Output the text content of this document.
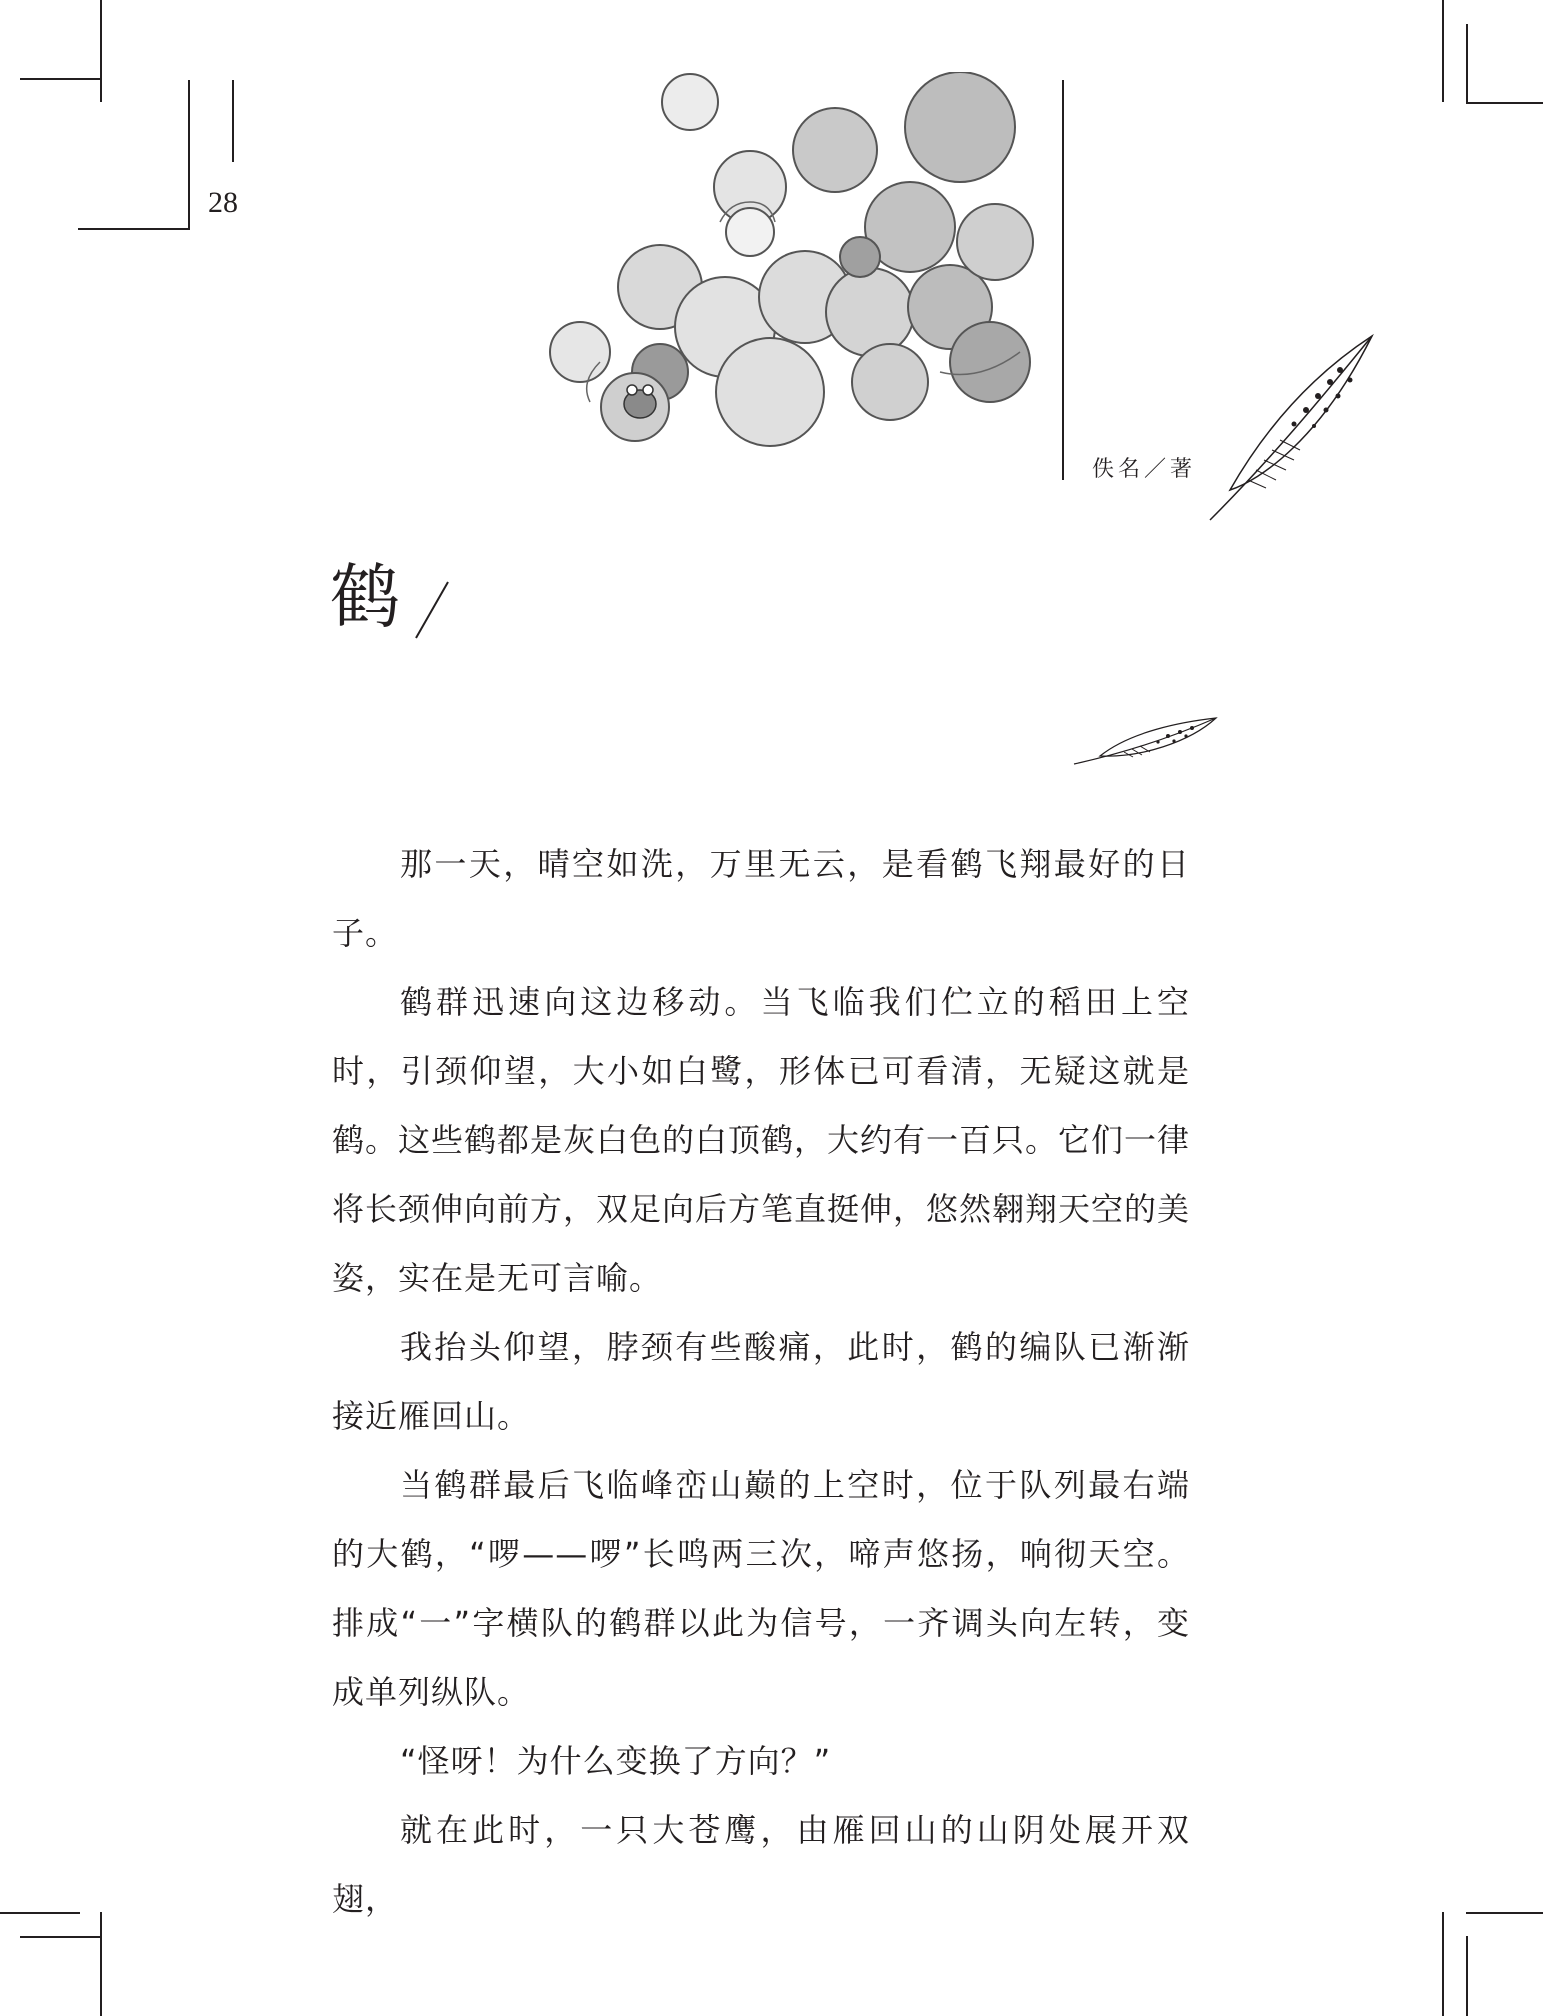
28
佚名／著
鹤

那一天，晴空如洗，万里无云，是看鹤飞翔最好的日子。

鹤群迅速向这边移动。当飞临我们伫立的稻田上空时，引颈仰望，大小如白鹭，形体已可看清，无疑这就是鹤。这些鹤都是灰白色的白顶鹤，大约有一百只。它们一律将长颈伸向前方，双足向后方笔直挺伸，悠然翱翔天空的美姿，实在是无可言喻。

我抬头仰望，脖颈有些酸痛，此时，鹤的编队已渐渐接近雁回山。

当鹤群最后飞临峰峦山巅的上空时，位于队列最右端的大鹤，“啰——啰”长鸣两三次，啼声悠扬，响彻天空。排成“一”字横队的鹤群以此为信号，一齐调头向左转，变成单列纵队。

“怪呀！为什么变换了方向？”

就在此时，一只大苍鹰，由雁回山的山阴处展开双翅，
